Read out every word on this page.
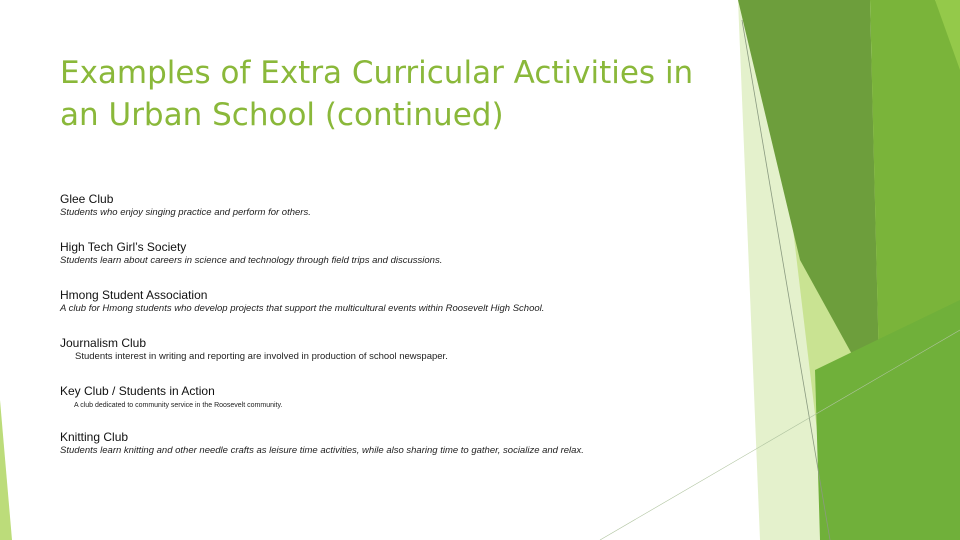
Examples of Extra Curricular Activities in an Urban School (continued)
Glee Club
Students who enjoy singing practice and perform for others.
High Tech Girl’s Society
Students learn about careers in science and technology through field trips and discussions.
Hmong Student Association
A club for Hmong students who develop projects that support the multicultural events within Roosevelt High School.
Journalism Club
Students interest in writing and reporting are involved in production of school newspaper.
Key Club / Students in Action
A club dedicated to community service in the Roosevelt community.
Knitting Club
Students learn knitting and other needle crafts as leisure time activities, while also sharing time to gather, socialize and relax.
